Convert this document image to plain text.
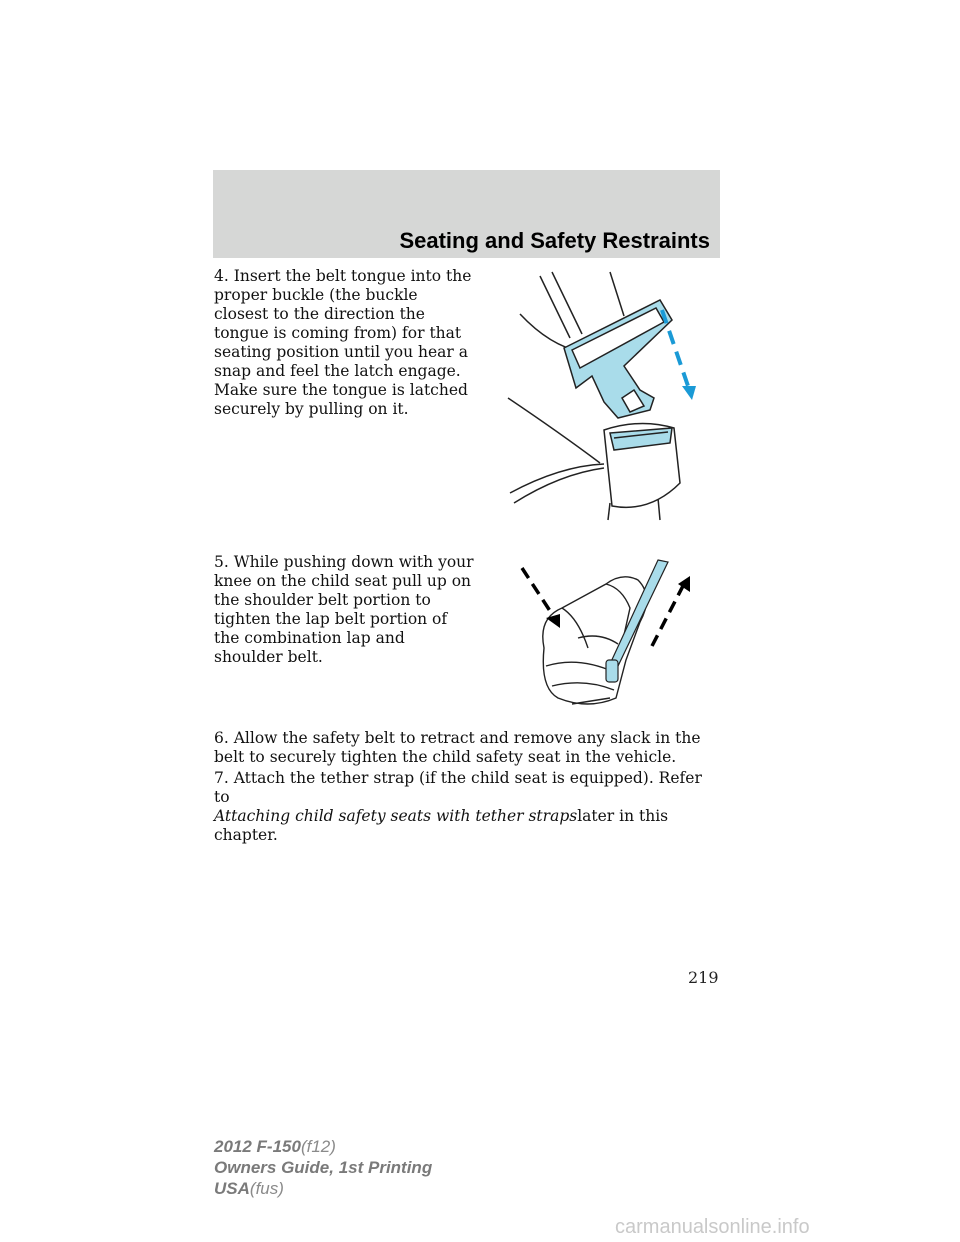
Seating and Safety Restraints

4. Insert the belt tongue into the proper buckle (the buckle closest to the direction the tongue is coming from) for that seating position until you hear a snap and feel the latch engage. Make sure the tongue is latched securely by pulling on it.

5. While pushing down with your knee on the child seat pull up on the shoulder belt portion to tighten the lap belt portion of the combination lap and shoulder belt.

6. Allow the safety belt to retract and remove any slack in the belt to securely tighten the child safety seat in the vehicle.

7. Attach the tether strap (if the child seat is equipped). Refer to
Attaching child safety seats with tether strapslater in this chapter.

219
2012 F-150(f12)
Owners Guide, 1st Printing
USA(fus)
carmanualsonline.info
